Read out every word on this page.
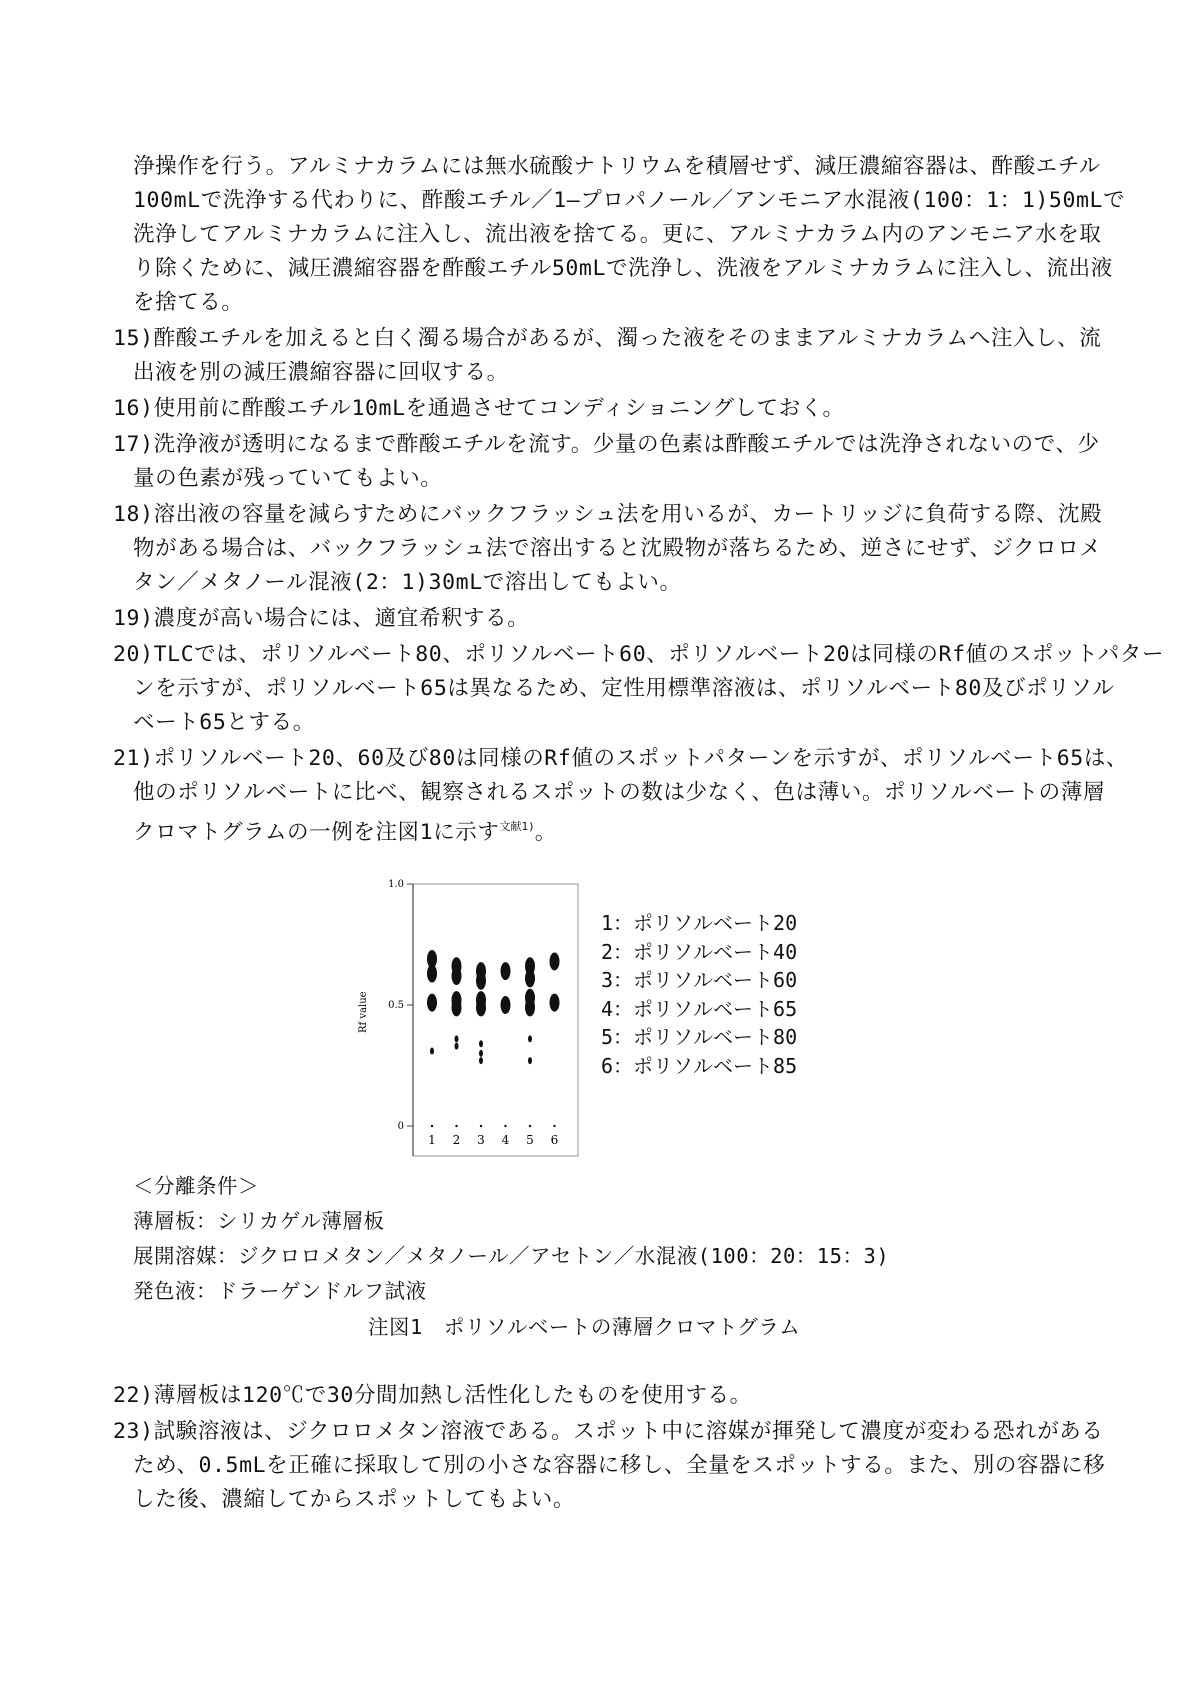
浄操作を行う。アルミナカラムには無水硫酸ナトリウムを積層せず、減圧濃縮容器は、酢酸エチル
100mLで洗浄する代わりに、酢酸エチル／1―プロパノール／アンモニア水混液(100：1：1)50mLで
洗浄してアルミナカラムに注入し、流出液を捨てる。更に、アルミナカラム内のアンモニア水を取
り除くために、減圧濃縮容器を酢酸エチル50mLで洗浄し、洗液をアルミナカラムに注入し、流出液
を捨てる。
15)酢酸エチルを加えると白く濁る場合があるが、濁った液をそのままアルミナカラムへ注入し、流
出液を別の減圧濃縮容器に回収する。
16)使用前に酢酸エチル10mLを通過させてコンディショニングしておく。
17)洗浄液が透明になるまで酢酸エチルを流す。少量の色素は酢酸エチルでは洗浄されないので、少
量の色素が残っていてもよい。
18)溶出液の容量を減らすためにバックフラッシュ法を用いるが、カートリッジに負荷する際、沈殿
物がある場合は、バックフラッシュ法で溶出すると沈殿物が落ちるため、逆さにせず、ジクロロメ
タン／メタノール混液(2：1)30mLで溶出してもよい。
19)濃度が高い場合には、適宜希釈する。
20)TLCでは、ポリソルベート80、ポリソルベート60、ポリソルベート20は同様のRf値のスポットパター
ンを示すが、ポリソルベート65は異なるため、定性用標準溶液は、ポリソルベート80及びポリソル
ベート65とする。
21)ポリソルベート20、60及び80は同様のRf値のスポットパターンを示すが、ポリソルベート65は、
他のポリソルベートに比べ、観察されるスポットの数は少なく、色は薄い。ポリソルベートの薄層
クロマトグラムの一例を注図1に示す$^{文献1)}$。
Rf value
1.0
0.5
0
1 2 3 4 5 6
1：ポリソルベート20
2：ポリソルベート40
3：ポリソルベート60
4：ポリソルベート65
5：ポリソルベート80
6：ポリソルベート85
＜分離条件＞
薄層板：シリカゲル薄層板
展開溶媒：ジクロロメタン／メタノール／アセトン／水混液(100：20：15：3)
発色液：ドラーゲンドルフ試液
注図1　ポリソルベートの薄層クロマトグラム
22)薄層板は120℃で30分間加熱し活性化したものを使用する。
23)試験溶液は、ジクロロメタン溶液である。スポット中に溶媒が揮発して濃度が変わる恐れがある
ため、0.5mLを正確に採取して別の小さな容器に移し、全量をスポットする。また、別の容器に移
した後、濃縮してからスポットしてもよい。
